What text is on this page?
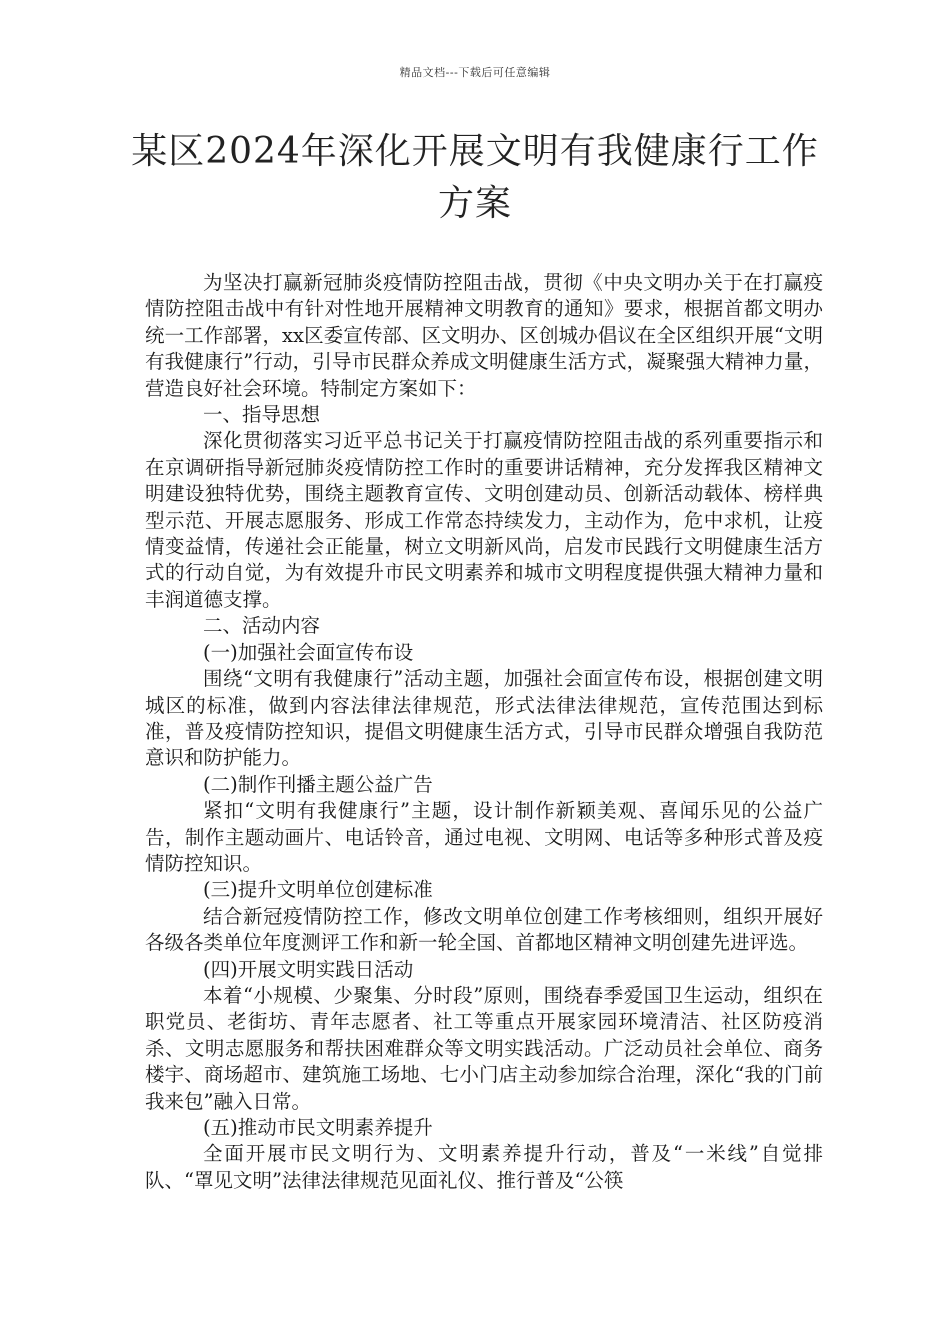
精品文档---下载后可任意编辑
某区2024年深化开展文明有我健康行工作
方案

为坚决打赢新冠肺炎疫情防控阻击战，贯彻《中央文明办关于在打赢疫情防控阻击战中有针对性地开展精神文明教育的通知》要求，根据首都文明办统一工作部署，xx区委宣传部、区文明办、区创城办倡议在全区组织开展“文明有我健康行”行动，引导市民群众养成文明健康生活方式，凝聚强大精神力量，营造良好社会环境。特制定方案如下：

一、指导思想

深化贯彻落实习近平总书记关于打赢疫情防控阻击战的系列重要指示和在京调研指导新冠肺炎疫情防控工作时的重要讲话精神，充分发挥我区精神文明建设独特优势，围绕主题教育宣传、文明创建动员、创新活动载体、榜样典型示范、开展志愿服务、形成工作常态持续发力，主动作为，危中求机，让疫情变益情，传递社会正能量，树立文明新风尚，启发市民践行文明健康生活方式的行动自觉，为有效提升市民文明素养和城市文明程度提供强大精神力量和丰润道德支撑。

二、活动内容

(一)加强社会面宣传布设

围绕“文明有我健康行”活动主题，加强社会面宣传布设，根据创建文明城区的标准，做到内容法律法律规范，形式法律法律规范，宣传范围达到标准，普及疫情防控知识，提倡文明健康生活方式，引导市民群众增强自我防范意识和防护能力。

(二)制作刊播主题公益广告

紧扣“文明有我健康行”主题，设计制作新颖美观、喜闻乐见的公益广告，制作主题动画片、电话铃音，通过电视、文明网、电话等多种形式普及疫情防控知识。

(三)提升文明单位创建标准

结合新冠疫情防控工作，修改文明单位创建工作考核细则，组织开展好各级各类单位年度测评工作和新一轮全国、首都地区精神文明创建先进评选。

(四)开展文明实践日活动

本着“小规模、少聚集、分时段”原则，围绕春季爱国卫生运动，组织在职党员、老街坊、青年志愿者、社工等重点开展家园环境清洁、社区防疫消杀、文明志愿服务和帮扶困难群众等文明实践活动。广泛动员社会单位、商务楼宇、商场超市、建筑施工场地、七小门店主动参加综合治理，深化“我的门前我来包”融入日常。

(五)推动市民文明素养提升

全面开展市民文明行为、文明素养提升行动，普及“一米线”自觉排队、“罩见文明”法律法律规范见面礼仪、推行普及“公筷
